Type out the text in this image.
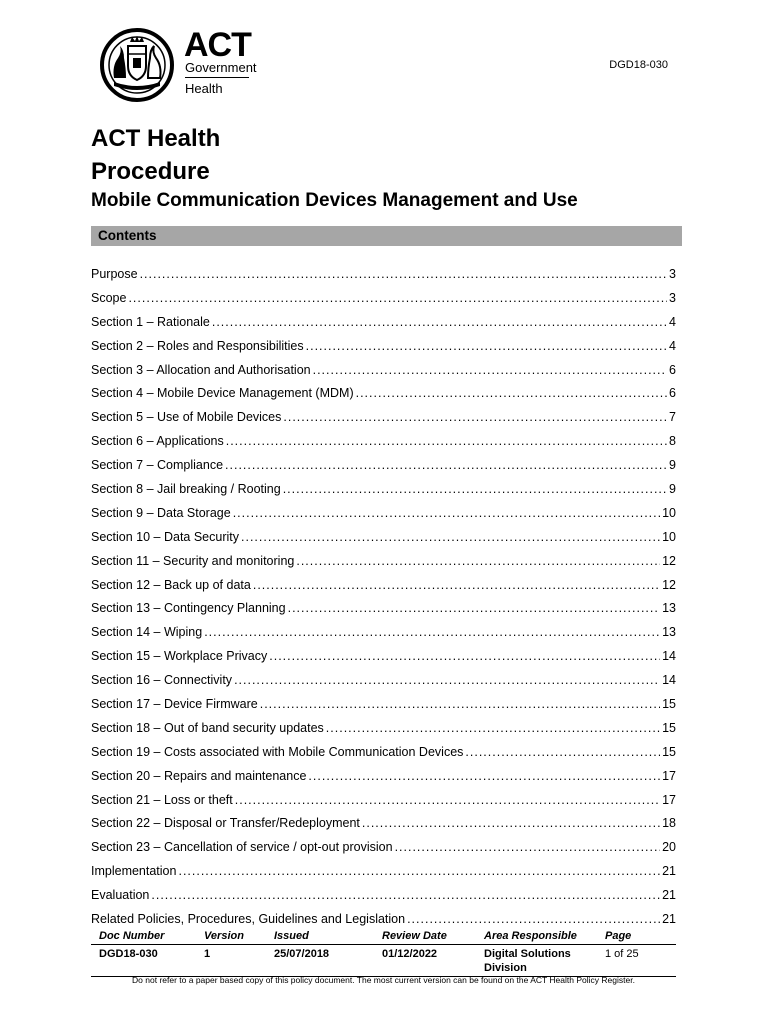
ACT
Government
Health
DGD18-030
ACT Health
Procedure
Mobile Communication Devices Management and Use
Contents
Purpose .....	3
Scope .....	3
Section 1 – Rationale .....	4
Section 2 – Roles and Responsibilities .....	4
Section 3 – Allocation and Authorisation .....	6
Section 4 – Mobile Device Management (MDM) .....	6
Section 5 – Use of Mobile Devices .....	7
Section 6 – Applications .....	8
Section 7 – Compliance .....	9
Section 8 – Jail breaking / Rooting .....	9
Section 9 – Data Storage .....	10
Section 10 – Data Security .....	10
Section 11 – Security and monitoring .....	12
Section 12 – Back up of data .....	12
Section 13 – Contingency Planning .....	13
Section 14 – Wiping .....	13
Section 15 – Workplace Privacy .....	14
Section 16 – Connectivity .....	14
Section 17 – Device Firmware .....	15
Section 18 – Out of band security updates .....	15
Section 19 – Costs associated with Mobile Communication Devices .....	15
Section 20 – Repairs and maintenance .....	17
Section 21 – Loss or theft .....	17
Section 22 – Disposal or Transfer/Redeployment .....	18
Section 23 – Cancellation of service / opt-out provision .....	20
Implementation .....	21
Evaluation .....	21
Related Policies, Procedures, Guidelines and Legislation .....	21
Doc Number	Version	Issued	Review Date	Area Responsible	Page
DGD18-030	1	25/07/2018	01/12/2022	Digital Solutions Division	1 of 25
Do not refer to a paper based copy of this policy document. The most current version can be found on the ACT Health Policy Register.
